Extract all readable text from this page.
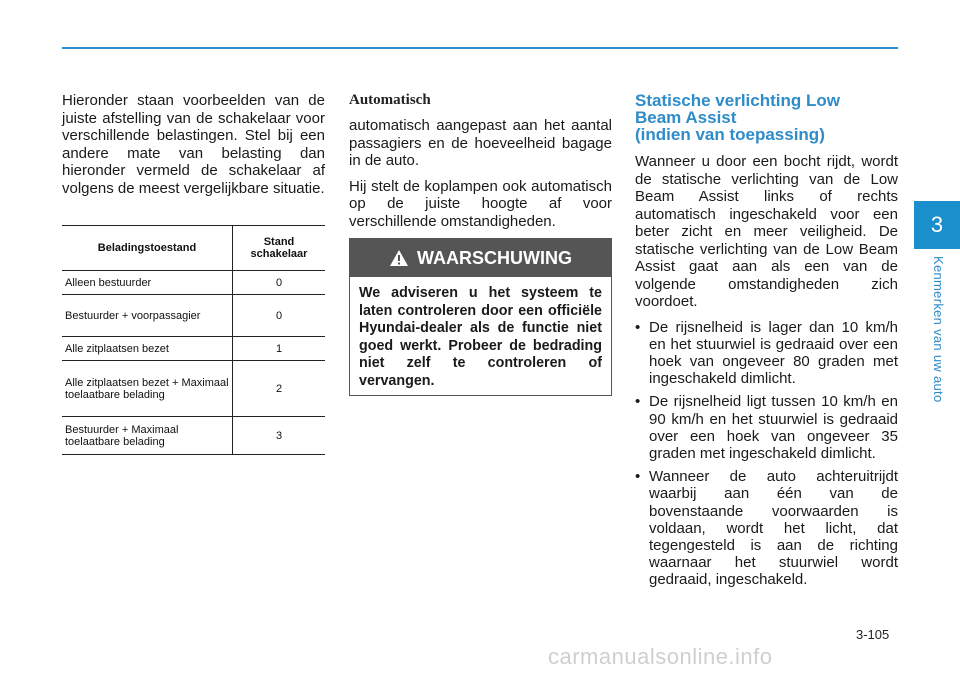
3
Kenmerken van uw auto

Hieronder staan voorbeelden van de juiste afstelling van de schakelaar voor verschillende belastingen. Stel bij een andere mate van belasting dan hieronder vermeld de schakelaar af volgens de meest vergelijkbare situatie.

Beladingstoestand	Stand schakelaar
Alleen bestuurder	0
Bestuurder + voorpassagier	0
Alle zitplaatsen bezet	1
Alle zitplaatsen bezet + Maximaal toelaatbare belading	2
Bestuurder + Maximaal toelaatbare belading	3
Automatisch

automatisch aangepast aan het aantal passagiers en de hoeveelheid bagage in de auto.

Hij stelt de koplampen ook automatisch op de juiste hoogte af voor verschillende omstandigheden.

WAARSCHUWING
We adviseren u het systeem te laten controleren door een officiële Hyundai-dealer als de functie niet goed werkt. Probeer de bedrading niet zelf te controleren of vervangen.
Statische verlichting Low
Beam Assist
(indien van toepassing)

Wanneer u door een bocht rijdt, wordt de statische verlichting van de Low Beam Assist links of rechts automatisch ingeschakeld voor een beter zicht en meer veiligheid. De statische verlichting van de Low Beam Assist gaat aan als een van de volgende omstandigheden zich voordoet.

• De rijsnelheid is lager dan 10 km/h en het stuurwiel is gedraaid over een hoek van ongeveer 80 graden met ingeschakeld dimlicht.
• De rijsnelheid ligt tussen 10 km/h en 90 km/h en het stuurwiel is gedraaid over een hoek van ongeveer 35 graden met ingeschakeld dimlicht.
• Wanneer de auto achteruitrijdt waarbij aan één van de bovenstaande voorwaarden is voldaan, wordt het licht, dat tegengesteld is aan de richting waarnaar het stuurwiel wordt gedraaid, ingeschakeld.
3-105
carmanualsonline.info
